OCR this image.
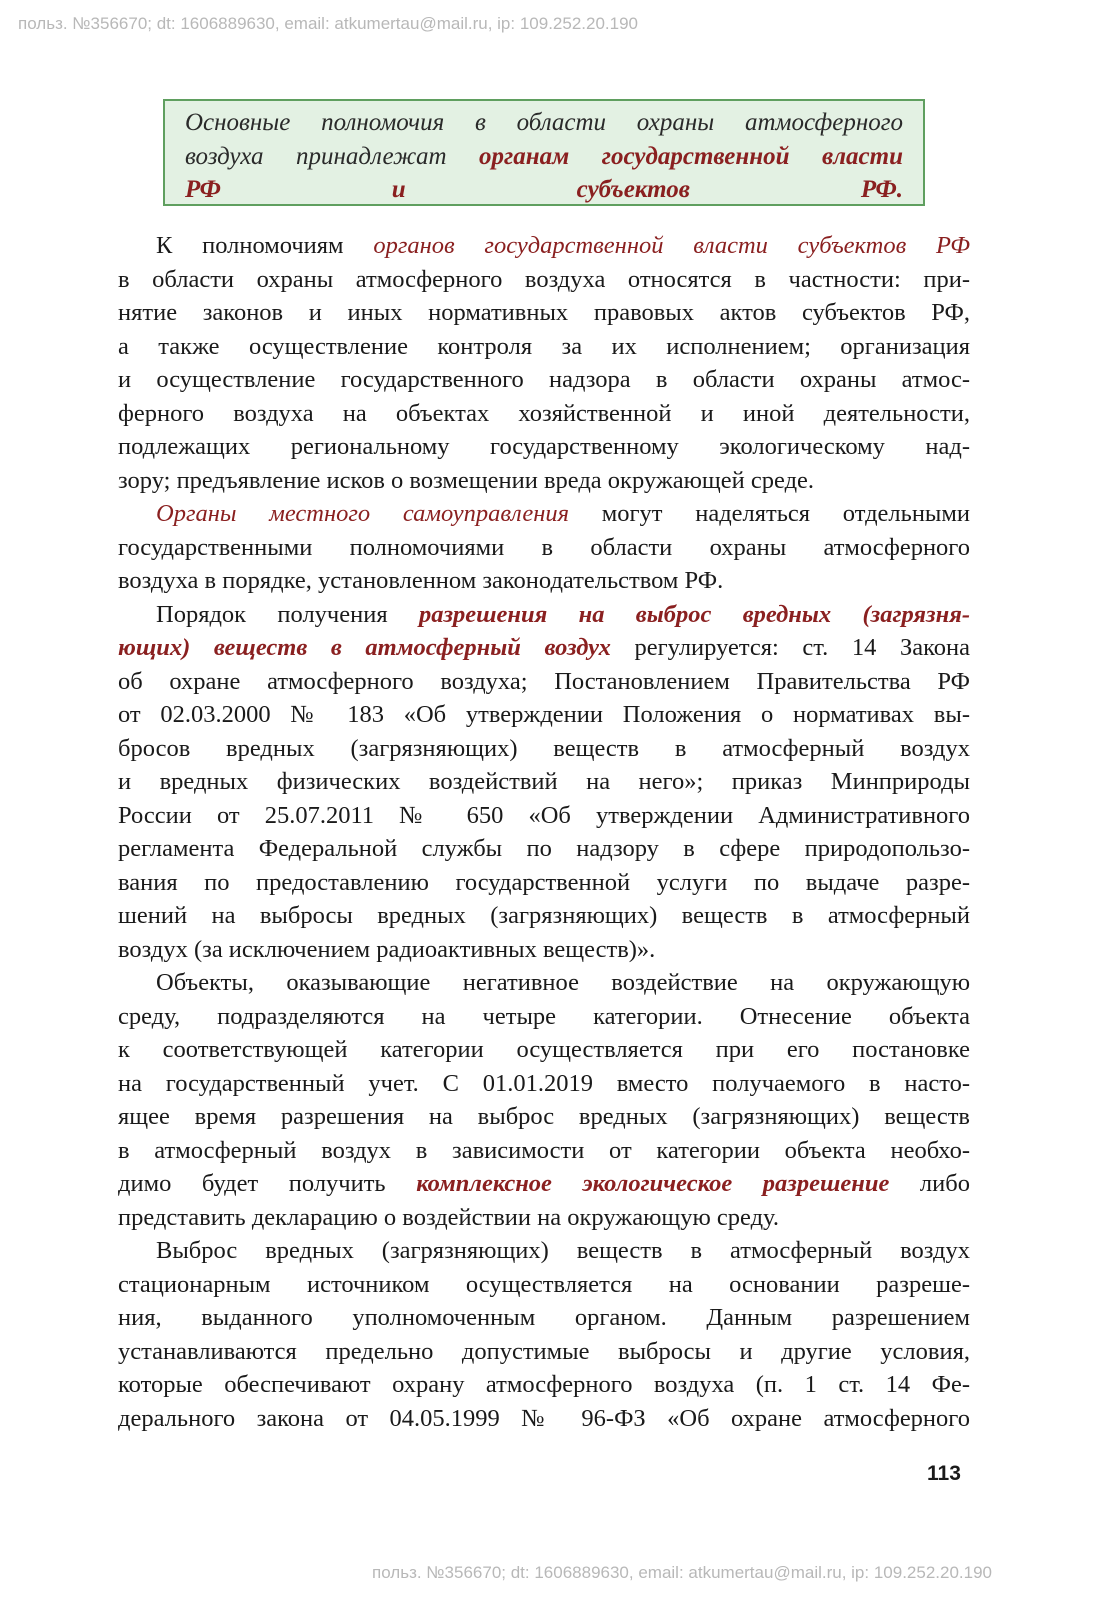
польз. №356670; dt: 1606889630, email: atkumertau@mail.ru, ip: 109.252.20.190
Основные полномочия в области охраны атмосферного
воздуха принадлежат органам государственной власти
РФ и субъектов РФ.
К полномочиям органов государственной власти субъектов РФ
в области охраны атмосферного воздуха относятся в частности: при-
нятие законов и иных нормативных правовых актов субъектов РФ,
а также осуществление контроля за их исполнением; организация
и осуществление государственного надзора в области охраны атмос-
ферного воздуха на объектах хозяйственной и иной деятельности,
подлежащих региональному государственному экологическому над-
зору; предъявление исков о возмещении вреда окружающей среде.
Органы местного самоуправления могут наделяться отдельными
государственными полномочиями в области охраны атмосферного
воздуха в порядке, установленном законодательством РФ.
Порядок получения разрешения на выброс вредных (загрязня-
ющих) веществ в атмосферный воздух регулируется: ст. 14 Закона
об охране атмосферного воздуха; Постановлением Правительства РФ
от 02.03.2000 № 183 «Об утверждении Положения о нормативах вы-
бросов вредных (загрязняющих) веществ в атмосферный воздух
и вредных физических воздействий на него»; приказ Минприроды
России от 25.07.2011 № 650 «Об утверждении Административного
регламента Федеральной службы по надзору в сфере природопользо-
вания по предоставлению государственной услуги по выдаче разре-
шений на выбросы вредных (загрязняющих) веществ в атмосферный
воздух (за исключением радиоактивных веществ)».
Объекты, оказывающие негативное воздействие на окружающую
среду, подразделяются на четыре категории. Отнесение объекта
к соответствующей категории осуществляется при его постановке
на государственный учет. С 01.01.2019 вместо получаемого в насто-
ящее время разрешения на выброс вредных (загрязняющих) веществ
в атмосферный воздух в зависимости от категории объекта необхо-
димо будет получить комплексное экологическое разрешение либо
представить декларацию о воздействии на окружающую среду.
Выброс вредных (загрязняющих) веществ в атмосферный воздух
стационарным источником осуществляется на основании разреше-
ния, выданного уполномоченным органом. Данным разрешением
устанавливаются предельно допустимые выбросы и другие условия,
которые обеспечивают охрану атмосферного воздуха (п. 1 ст. 14 Фе-
дерального закона от 04.05.1999 № 96-ФЗ «Об охране атмосферного
113
польз. №356670; dt: 1606889630, email: atkumertau@mail.ru, ip: 109.252.20.190
